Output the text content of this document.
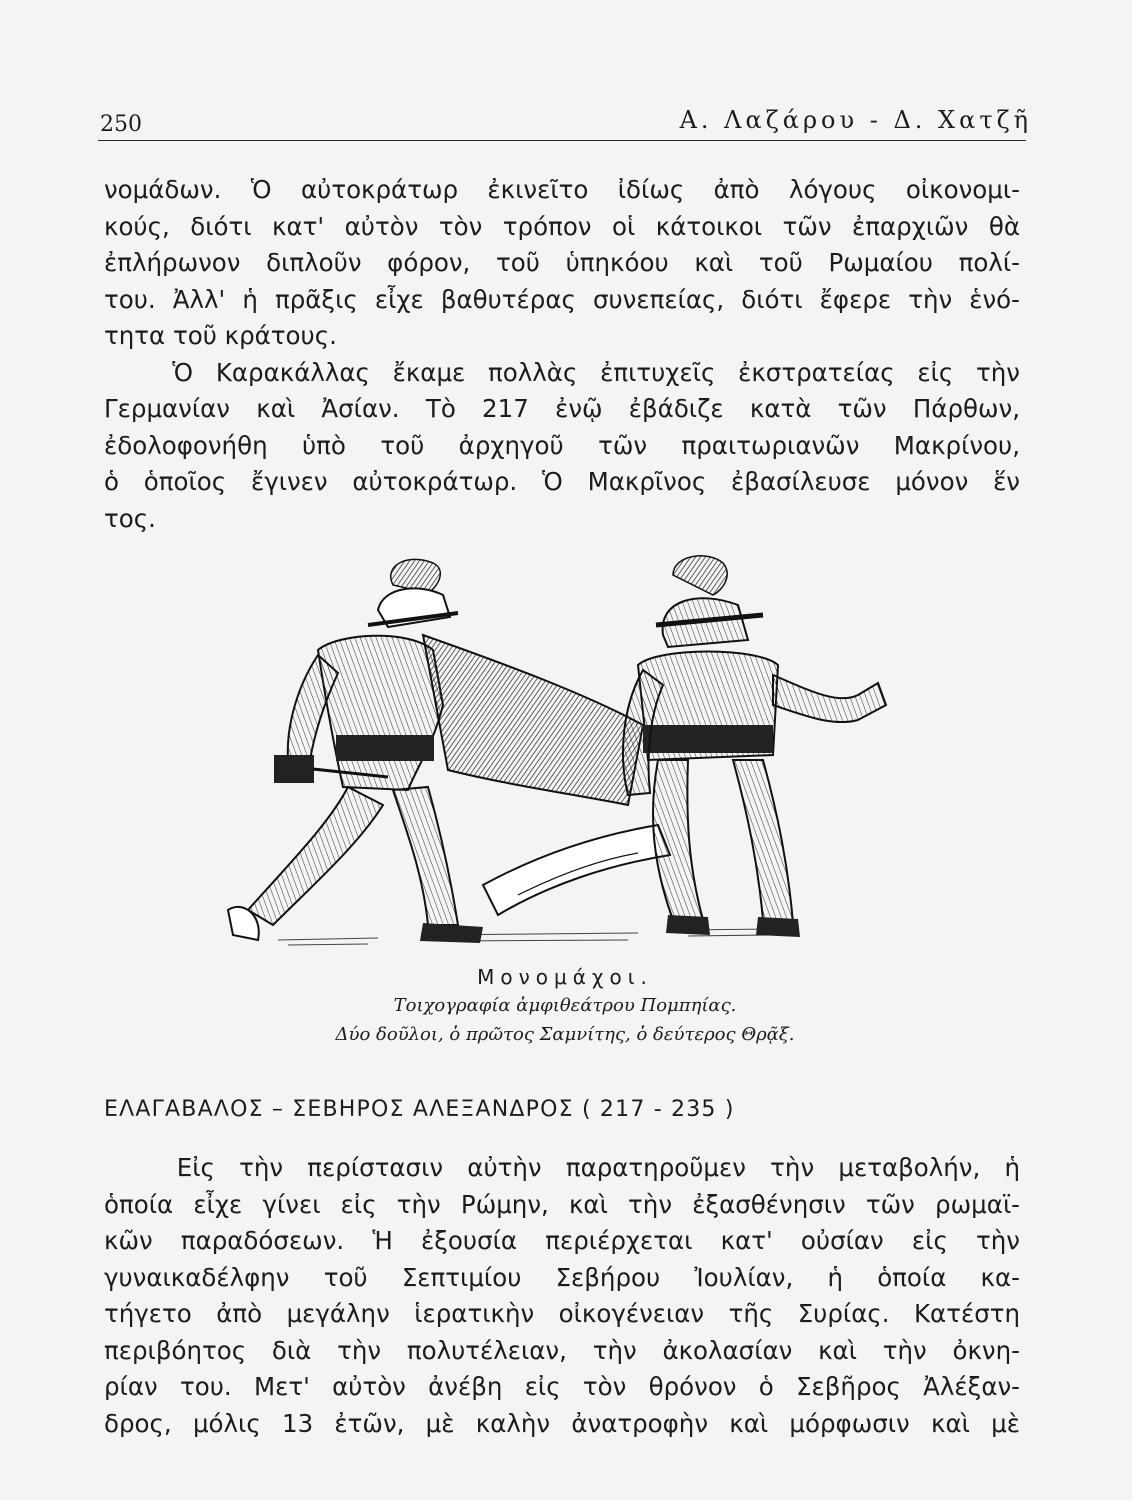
250	Α. Λαζάρου - Δ. Χατζῆ

νομάδων. Ὁ αὐτοκράτωρ ἐκινεῖτο ἰδίως ἀπὸ λόγους οἰκονομι-
κούς, διότι κατ' αὐτὸν τὸν τρόπον οἱ κάτοικοι τῶν ἐπαρχιῶν θὰ
ἐπλήρωνον διπλοῦν φόρον, τοῦ ὑπηκόου καὶ τοῦ Ρωμαίου πολί-
του. Ἀλλ' ἡ πρᾶξις εἶχε βαθυτέρας συνεπείας, διότι ἔφερε τὴν ἑνό-
τητα τοῦ κράτους.
Ὁ Καρακάλλας ἔκαμε πολλὰς ἐπιτυχεῖς ἐκστρατείας εἰς τὴν
Γερμανίαν καὶ Ἀσίαν. Τὸ 217 ἐνῷ ἐβάδιζε κατὰ τῶν Πάρθων,
ἐδολοφονήθη ὑπὸ τοῦ ἀρχηγοῦ τῶν πραιτωριανῶν Μακρίνου,
ὁ ὁποῖος ἔγινεν αὐτοκράτωρ. Ὁ Μακρῖνος ἐβασίλευσε μόνον ἕν
τος.

Μονομάχοι.
Τοιχογραφία ἀμφιθεάτρου Πομπηίας.
Δύο δοῦλοι, ὁ πρῶτος Σαμνίτης, ὁ δεύτερος Θρᾷξ.
ΕΛΑΓΑΒΑΛΟΣ – ΣΕΒΗΡΟΣ ΑΛΕΞΑΝΔΡΟΣ ( 217 - 235 )

Εἰς τὴν περίστασιν αὐτὴν παρατηροῦμεν τὴν μεταβολήν, ἡ
ὁποία εἶχε γίνει εἰς τὴν Ρώμην, καὶ τὴν ἐξασθένησιν τῶν ρωμαϊ-
κῶν παραδόσεων. Ἡ ἐξουσία περιέρχεται κατ' οὐσίαν εἰς τὴν
γυναικαδέλφην τοῦ Σεπτιμίου Σεβήρου Ἰουλίαν, ἡ ὁποία κα-
τήγετο ἀπὸ μεγάλην ἱερατικὴν οἰκογένειαν τῆς Συρίας. Κατέστη
περιβόητος διὰ τὴν πολυτέλειαν, τὴν ἀκολασίαν καὶ τὴν ὀκνη-
ρίαν του. Μετ' αὐτὸν ἀνέβη εἰς τὸν θρόνον ὁ Σεβῆρος Ἀλέξαν-
δρος, μόλις 13 ἐτῶν, μὲ καλὴν ἀνατροφὴν καὶ μόρφωσιν καὶ μὲ
